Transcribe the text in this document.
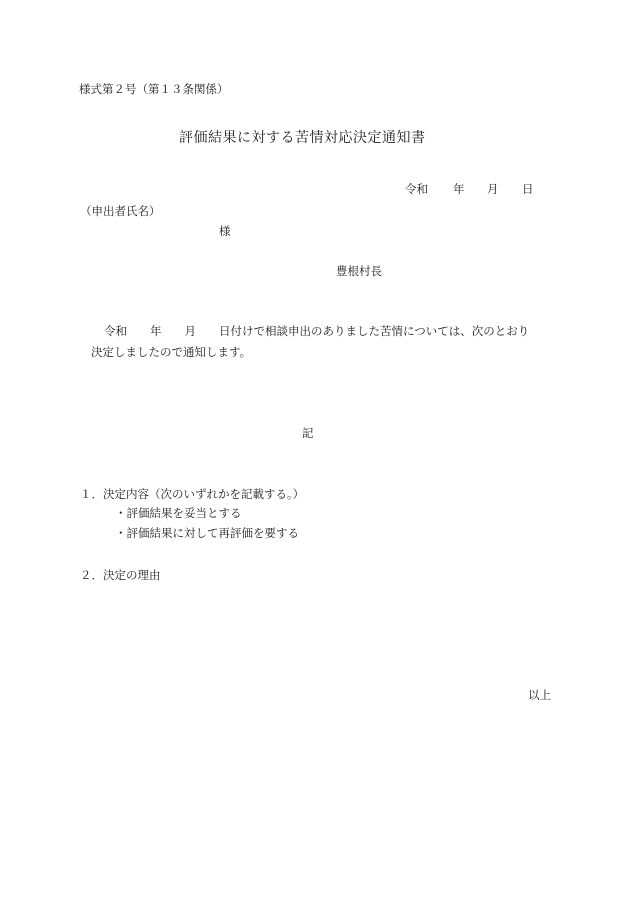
様式第２号（第１３条関係）
評価結果に対する苦情対応決定通知書

令和

年

月

日

（申出者氏名）
様
豊根村長
令和　　年　　月　　日付けで相談申出のありました苦情については、次のとおり
決定しましたので通知します。
記
１．決定内容（次のいずれかを記載する。）
・評価結果を妥当とする
・評価結果に対して再評価を要する
２．決定の理由
以上
